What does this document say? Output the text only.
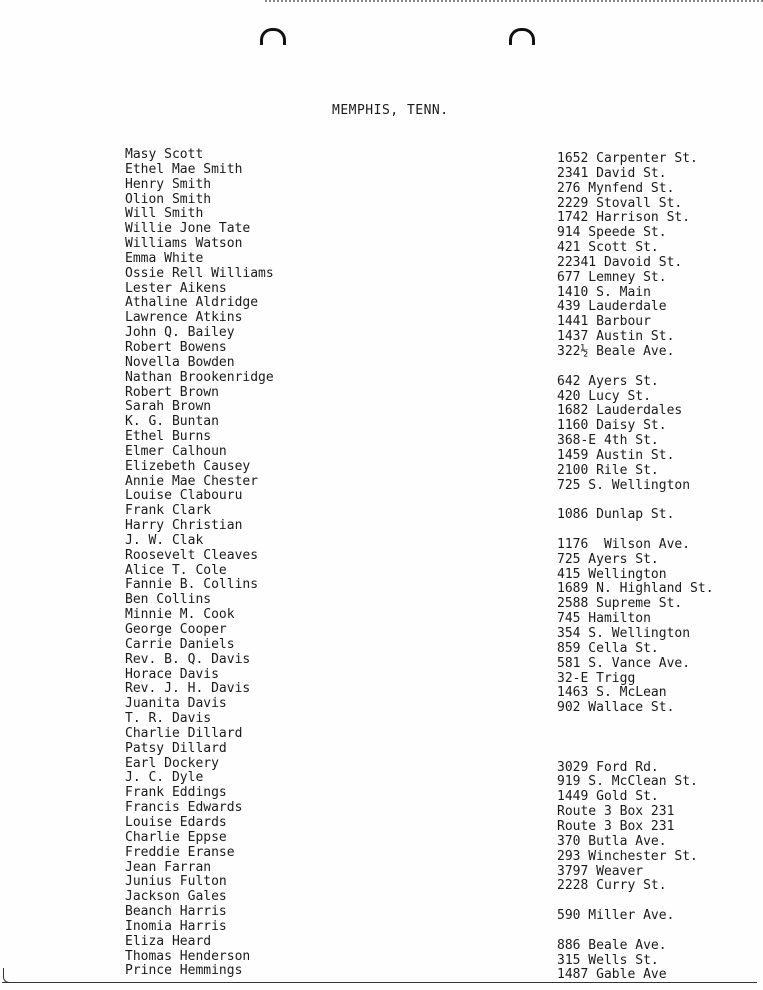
MEMPHIS, TENN.
Masy Scott
Ethel Mae Smith
Henry Smith
Olion Smith
Will Smith
Willie Jone Tate
Williams Watson
Emma White
Ossie Rell Williams
Lester Aikens
Athaline Aldridge
Lawrence Atkins
John Q. Bailey
Robert Bowens
Novella Bowden
Nathan Brookenridge
Robert Brown
Sarah Brown
K. G. Buntan
Ethel Burns
Elmer Calhoun
Elizebeth Causey
Annie Mae Chester
Louise Clabouru
Frank Clark
Harry Christian
J. W. Clak
Roosevelt Cleaves
Alice T. Cole
Fannie B. Collins
Ben Collins
Minnie M. Cook
George Cooper
Carrie Daniels
Rev. B. Q. Davis
Horace Davis
Rev. J. H. Davis
Juanita Davis
T. R. Davis
Charlie Dillard
Patsy Dillard
Earl Dockery
J. C. Dyle
Frank Eddings
Francis Edwards
Louise Edards
Charlie Eppse
Freddie Eranse
Jean Farran
Junius Fulton
Jackson Gales
Beanch Harris
Inomia Harris
Eliza Heard
Thomas Henderson
Prince Hemmings
1652 Carpenter St.
2341 David St.
276 Mynfend St.
2229 Stovall St.
1742 Harrison St.
914 Speede St.
421 Scott St.
22341 Davoid St.
677 Lemney St.
1410 S. Main
439 Lauderdale
1441 Barbour
1437 Austin St.
322½ Beale Ave.
642 Ayers St.
420 Lucy St.
1682 Lauderdales
1160 Daisy St.
368-E 4th St.
1459 Austin St.
2100 Rile St.
725 S. Wellington
1086 Dunlap St.
1176  Wilson Ave.
725 Ayers St.
415 Wellington
1689 N. Highland St.
2588 Supreme St.
745 Hamilton
354 S. Wellington
859 Cella St.
581 S. Vance Ave.
32-E Trigg
1463 S. McLean
902 Wallace St.
3029 Ford Rd.
919 S. McClean St.
1449 Gold St.
Route 3 Box 231
Route 3 Box 231
370 Butla Ave.
293 Winchester St.
3797 Weaver
2228 Curry St.
590 Miller Ave.
886 Beale Ave.
315 Wells St.
1487 Gable Ave
